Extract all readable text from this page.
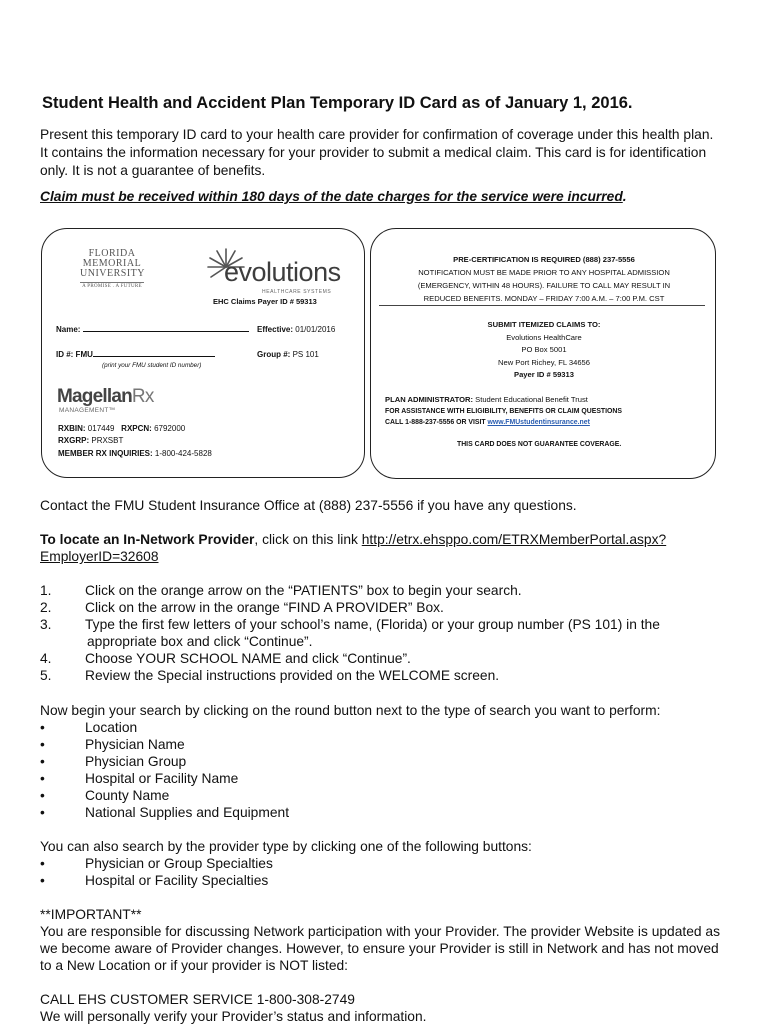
Student Health and Accident Plan Temporary ID Card as of January 1, 2016.
Present this temporary ID card to your health care provider for confirmation of coverage under this health plan. It contains the information necessary for your provider to submit a medical claim. This card is for identification only. It is not a guarantee of benefits.
Claim must be received within 180 days of the date charges for the service were incurred.
FLORIDA
MEMORIAL
UNIVERSITY
A PROMISE . A FUTURE	evolutions
HEALTHCARE SYSTEMS
EHC Claims Payer ID # 59313
Name:	Effective: 01/01/2016
ID #: FMU	Group #: PS 101
(print your FMU student ID number)
MagellanRx
MANAGEMENT™
RXBIN: 017449 RXPCN: 6792000
RXGRP: PRXSBT
MEMBER RX INQUIRIES: 1-800-424-5828
PRE-CERTIFICATION IS REQUIRED (888) 237-5556
NOTIFICATION MUST BE MADE PRIOR TO ANY HOSPITAL ADMISSION
(EMERGENCY, WITHIN 48 HOURS). FAILURE TO CALL MAY RESULT IN
REDUCED BENEFITS. MONDAY – FRIDAY 7:00 A.M. – 7:00 P.M. CST
SUBMIT ITEMIZED CLAIMS TO:
Evolutions HealthCare
PO Box 5001
New Port Richey, FL 34656
Payer ID # 59313
PLAN ADMINISTRATOR: Student Educational Benefit Trust
FOR ASSISTANCE WITH ELIGIBILITY, BENEFITS OR CLAIM QUESTIONS
CALL 1-888-237-5556 OR VISIT www.FMUstudentinsurance.net
THIS CARD DOES NOT GUARANTEE COVERAGE.
Contact the FMU Student Insurance Office at (888) 237-5556 if you have any questions.
To locate an In-Network Provider, click on this link http://etrx.ehsppo.com/ETRXMemberPortal.aspx?
EmployerID=32608
1. Click on the orange arrow on the “PATIENTS” box to begin your search.
2. Click on the arrow in the orange “FIND A PROVIDER” Box.
3. Type the first few letters of your school’s name, (Florida) or your group number (PS 101) in the
appropriate box and click “Continue”.
4. Choose YOUR SCHOOL NAME and click “Continue”.
5. Review the Special instructions provided on the WELCOME screen.
Now begin your search by clicking on the round button next to the type of search you want to perform:
•	Location
•	Physician Name
•	Physician Group
•	Hospital or Facility Name
•	County Name
•	National Supplies and Equipment
You can also search by the provider type by clicking one of the following buttons:
•	Physician or Group Specialties
•	Hospital or Facility Specialties
**IMPORTANT**
You are responsible for discussing Network participation with your Provider. The provider Website is updated as we become aware of Provider changes. However, to ensure your Provider is still in Network and has not moved to a New Location or if your provider is NOT listed:
CALL EHS CUSTOMER SERVICE 1-800-308-2749
We will personally verify your Provider’s status and information.
